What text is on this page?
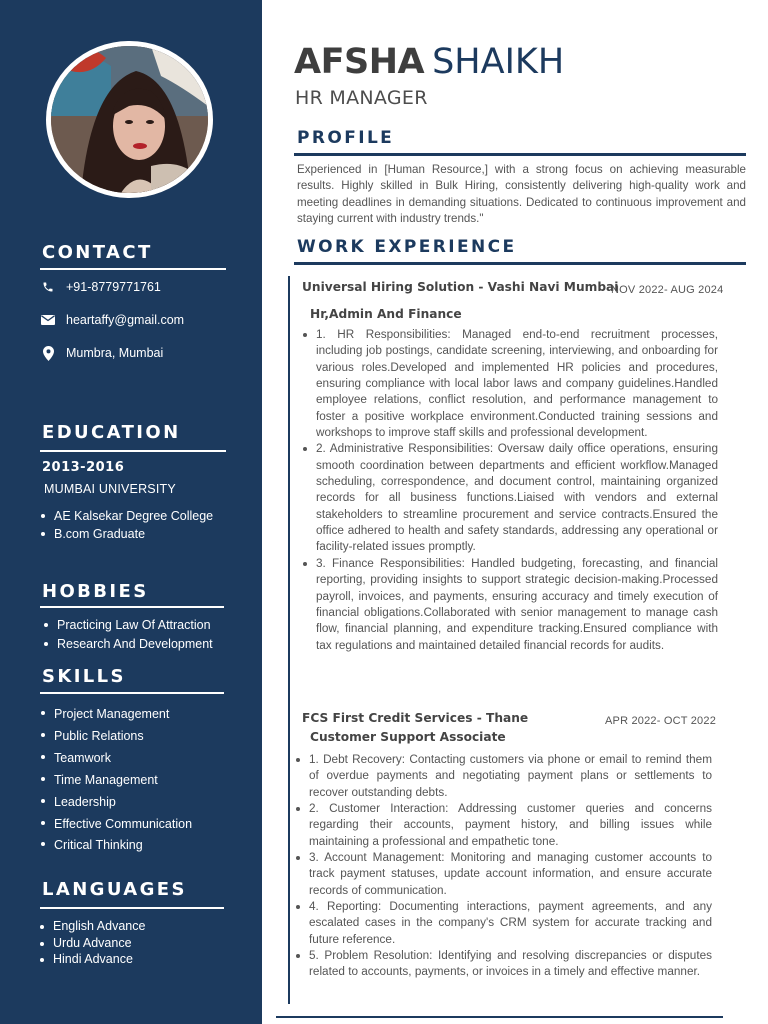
CONTACT
+91-8779771761
heartaffy@gmail.com
Mumbra, Mumbai
EDUCATION
2013-2016
MUMBAI UNIVERSITY
AE Kalsekar Degree College
B.com Graduate
HOBBIES
Practicing Law Of Attraction
Research And Development
SKILLS
Project Management
Public Relations
Teamwork
Time Management
Leadership
Effective Communication
Critical Thinking
LANGUAGES
English Advance
Urdu Advance
Hindi Advance
AFSHA SHAIKH
HR MANAGER
PROFILE

Experienced in [Human Resource,] with a strong focus on achieving measurable results. Highly skilled in Bulk Hiring, consistently delivering high-quality work and meeting deadlines in demanding situations. Dedicated to continuous improvement and staying current with industry trends."

WORK EXPERIENCE
Universal Hiring Solution - Vashi Navi Mumbai
NOV 2022- AUG 2024
Hr,Admin And Finance
1. HR Responsibilities: Managed end-to-end recruitment processes, including job postings, candidate screening, interviewing, and onboarding for various roles.Developed and implemented HR policies and procedures, ensuring compliance with local labor laws and company guidelines.Handled employee relations, conflict resolution, and performance management to foster a positive workplace environment.Conducted training sessions and workshops to improve staff skills and professional development.
2. Administrative Responsibilities: Oversaw daily office operations, ensuring smooth coordination between departments and efficient workflow.Managed scheduling, correspondence, and document control, maintaining organized records for all business functions.Liaised with vendors and external stakeholders to streamline procurement and service contracts.Ensured the office adhered to health and safety standards, addressing any operational or facility-related issues promptly.
3. Finance Responsibilities: Handled budgeting, forecasting, and financial reporting, providing insights to support strategic decision-making.Processed payroll, invoices, and payments, ensuring accuracy and timely execution of financial obligations.Collaborated with senior management to manage cash flow, financial planning, and expenditure tracking.Ensured compliance with tax regulations and maintained detailed financial records for audits.
FCS First Credit Services - Thane	APR 2022- OCT 2022
Customer Support Associate
1. Debt Recovery: Contacting customers via phone or email to remind them of overdue payments and negotiating payment plans or settlements to recover outstanding debts.
2. Customer Interaction: Addressing customer queries and concerns regarding their accounts, payment history, and billing issues while maintaining a professional and empathetic tone.
3. Account Management: Monitoring and managing customer accounts to track payment statuses, update account information, and ensure accurate records of communication.
4. Reporting: Documenting interactions, payment agreements, and any escalated cases in the company's CRM system for accurate tracking and future reference.
5. Problem Resolution: Identifying and resolving discrepancies or disputes related to accounts, payments, or invoices in a timely and effective manner.
